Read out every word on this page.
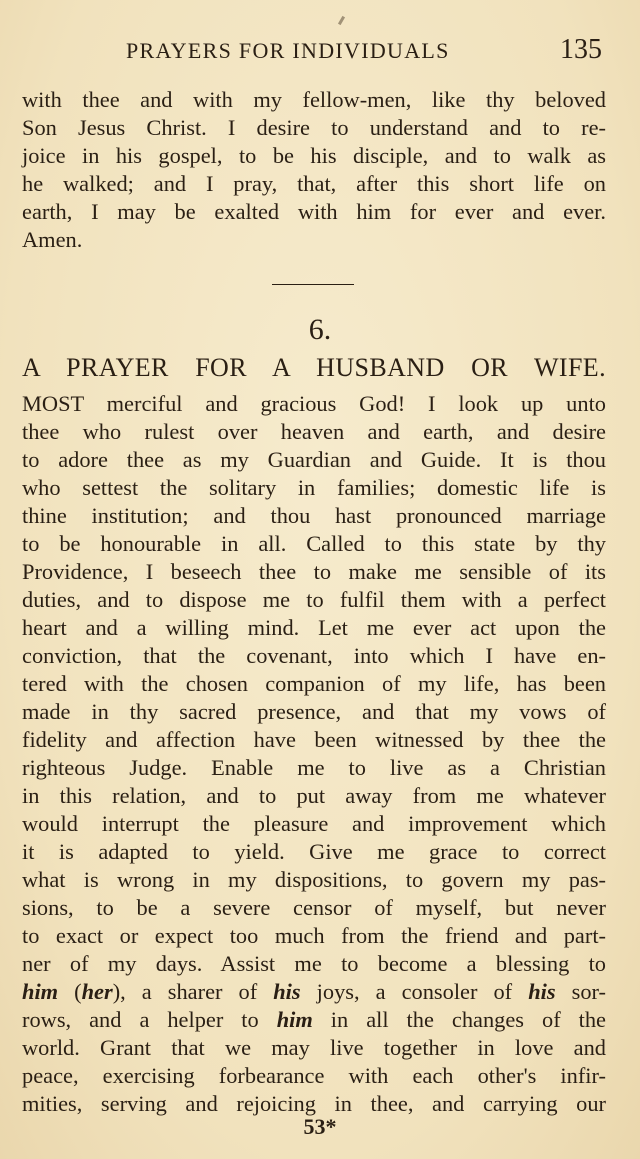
PRAYERS FOR INDIVIDUALS	135
with thee and with my fellow-men, like thy beloved
Son Jesus Christ. I desire to understand and to re-
joice in his gospel, to be his disciple, and to walk as
he walked; and I pray, that, after this short life on
earth, I may be exalted with him for ever and ever.
Amen.
6.
A PRAYER FOR A HUSBAND OR WIFE.
MOST merciful and gracious God! I look up unto
thee who rulest over heaven and earth, and desire
to adore thee as my Guardian and Guide. It is thou
who settest the solitary in families; domestic life is
thine institution; and thou hast pronounced marriage
to be honourable in all. Called to this state by thy
Providence, I beseech thee to make me sensible of its
duties, and to dispose me to fulfil them with a perfect
heart and a willing mind. Let me ever act upon the
conviction, that the covenant, into which I have en-
tered with the chosen companion of my life, has been
made in thy sacred presence, and that my vows of
fidelity and affection have been witnessed by thee the
righteous Judge. Enable me to live as a Christian
in this relation, and to put away from me whatever
would interrupt the pleasure and improvement which
it is adapted to yield. Give me grace to correct
what is wrong in my dispositions, to govern my pas-
sions, to be a severe censor of myself, but never
to exact or expect too much from the friend and part-
ner of my days. Assist me to become a blessing to
him (her), a sharer of his joys, a consoler of his sor-
rows, and a helper to him in all the changes of the
world. Grant that we may live together in love and
peace, exercising forbearance with each other's infir-
mities, serving and rejoicing in thee, and carrying our
53*
